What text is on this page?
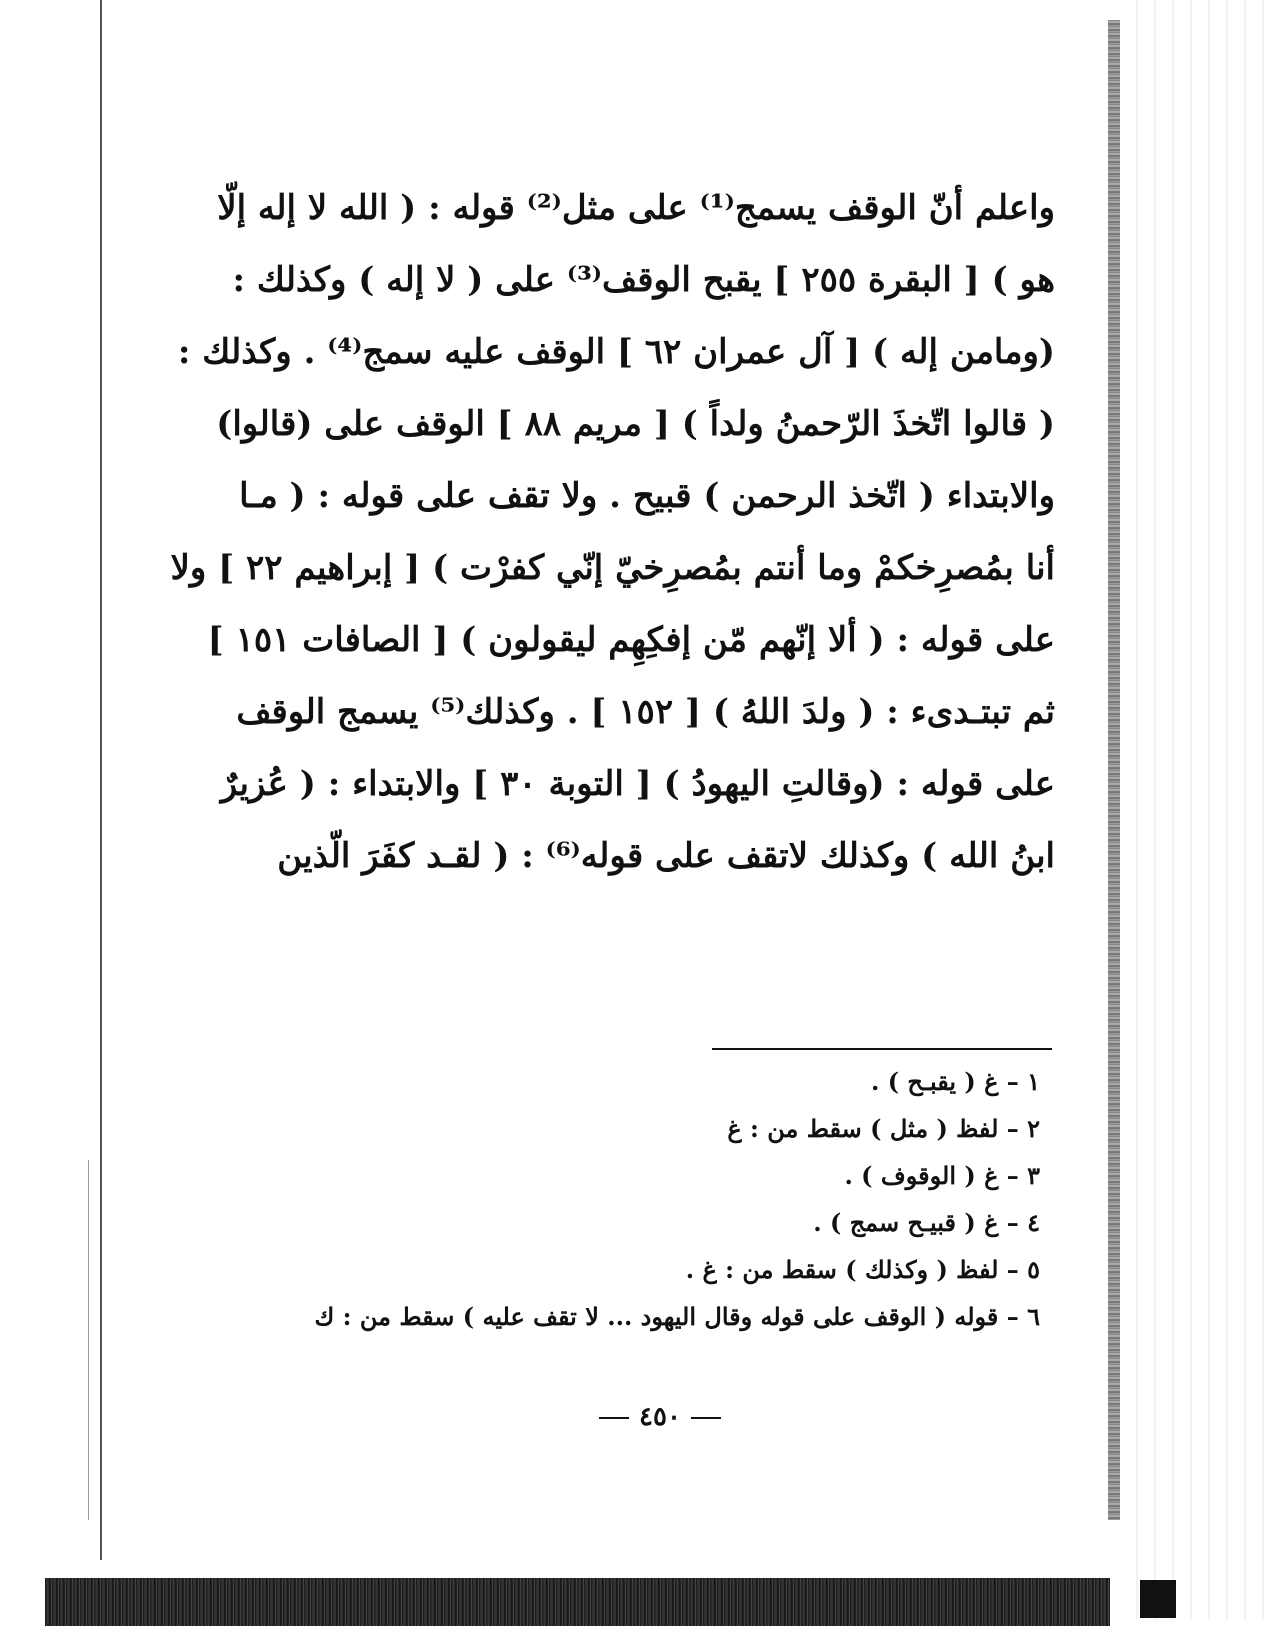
واعلم أنّ الوقف يسمج⁽¹⁾ على مثل⁽²⁾ قوله : ( الله لا إله إلّا
هو ) [ البقرة ٢٥٥ ] يقبح الوقف⁽³⁾ على ( لا إله ) وكذلك :
(ومامن إله ) [ آل عمران ٦٢ ] الوقف عليه سمج⁽⁴⁾ . وكذلك :
( قالوا اتّخذَ الرّحمنُ ولداً ) [ مريم ٨٨ ] الوقف على (قالوا)
والابتداء ( اتّخذ الرحمن ) قبيح . ولا تقف على قوله : ( مـا
أنا بمُصرِخكمْ وما أنتم بمُصرِخيّ إنّي كفرْت ) [ إبراهيم ٢٢ ] ولا
على قوله : ( ألا إنّهم مّن إفكِهِم ليقولون ) [ الصافات ١٥١ ]
ثم تبتـدىء : ( ولدَ اللهُ ) [ ١٥٢ ] . وكذلك⁽⁵⁾ يسمج الوقف
على قوله : (وقالتِ اليهودُ ) [ التوبة ٣٠ ] والابتداء : ( عُزيرٌ
ابنُ الله ) وكذلك لاتقف على قوله⁽⁶⁾ : ( لقـد كفَرَ الّذين
١ – غ ( يقبـح ) .
٢ – لفظ ( مثل ) سقط من : غ
٣ – غ ( الوقوف ) .
٤ – غ ( قبيـح سمج ) .
٥ – لفظ ( وكذلك ) سقط من : غ .
٦ – قوله ( الوقف على قوله وقال اليهود ... لا تقف عليه ) سقط من : ك
٤٥٠
